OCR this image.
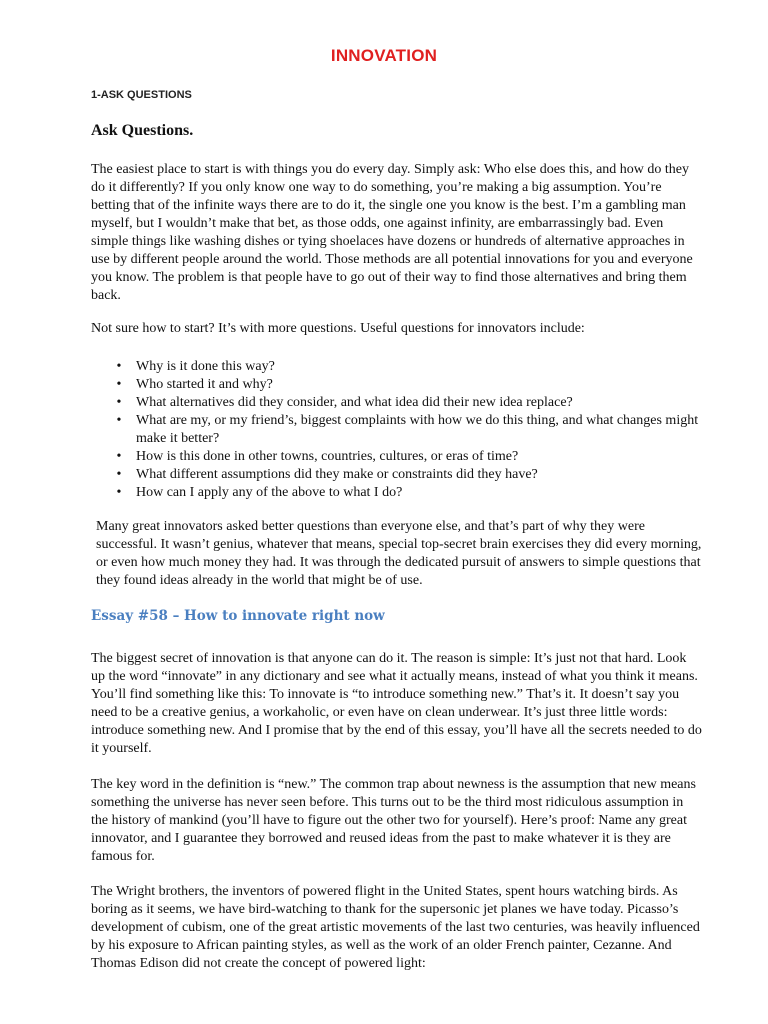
INNOVATION
1-ASK QUESTIONS
Ask Questions.

The easiest place to start is with things you do every day. Simply ask: Who else does this, and how do they do it differently? If you only know one way to do something, you’re making a big assumption. You’re betting that of the infinite ways there are to do it, the single one you know is the best. I’m a gambling man myself, but I wouldn’t make that bet, as those odds, one against infinity, are embarrassingly bad. Even simple things like washing dishes or tying shoelaces have dozens or hundreds of alternative approaches in use by different people around the world. Those methods are all potential innovations for you and everyone you know. The problem is that people have to go out of their way to find those alternatives and bring them back.

Not sure how to start? It’s with more questions. Useful questions for innovators include:

• Why is it done this way?
• Who started it and why?
• What alternatives did they consider, and what idea did their new idea replace?
• What are my, or my friend’s, biggest complaints with how we do this thing, and what changes might make it better?
• How is this done in other towns, countries, cultures, or eras of time?
• What different assumptions did they make or constraints did they have?
• How can I apply any of the above to what I do?

Many great innovators asked better questions than everyone else, and that’s part of why they were successful. It wasn’t genius, whatever that means, special top-secret brain exercises they did every morning, or even how much money they had. It was through the dedicated pursuit of answers to simple questions that they found ideas already in the world that might be of use.

Essay #58 – How to innovate right now

The biggest secret of innovation is that anyone can do it. The reason is simple: It’s just not that hard. Look up the word “innovate” in any dictionary and see what it actually means, instead of what you think it means. You’ll find something like this: To innovate is “to introduce something new.” That’s it. It doesn’t say you need to be a creative genius, a workaholic, or even have on clean underwear. It’s just three little words: introduce something new. And I promise that by the end of this essay, you’ll have all the secrets needed to do it yourself.

The key word in the definition is “new.” The common trap about newness is the assumption that new means something the universe has never seen before. This turns out to be the third most ridiculous assumption in the history of mankind (you’ll have to figure out the other two for yourself). Here’s proof: Name any great innovator, and I guarantee they borrowed and reused ideas from the past to make whatever it is they are famous for.

The Wright brothers, the inventors of powered flight in the United States, spent hours watching birds. As boring as it seems, we have bird-watching to thank for the supersonic jet planes we have today. Picasso’s development of cubism, one of the great artistic movements of the last two centuries, was heavily influenced by his exposure to African painting styles, as well as the work of an older French painter, Cezanne. And Thomas Edison did not create the concept of powered light:
